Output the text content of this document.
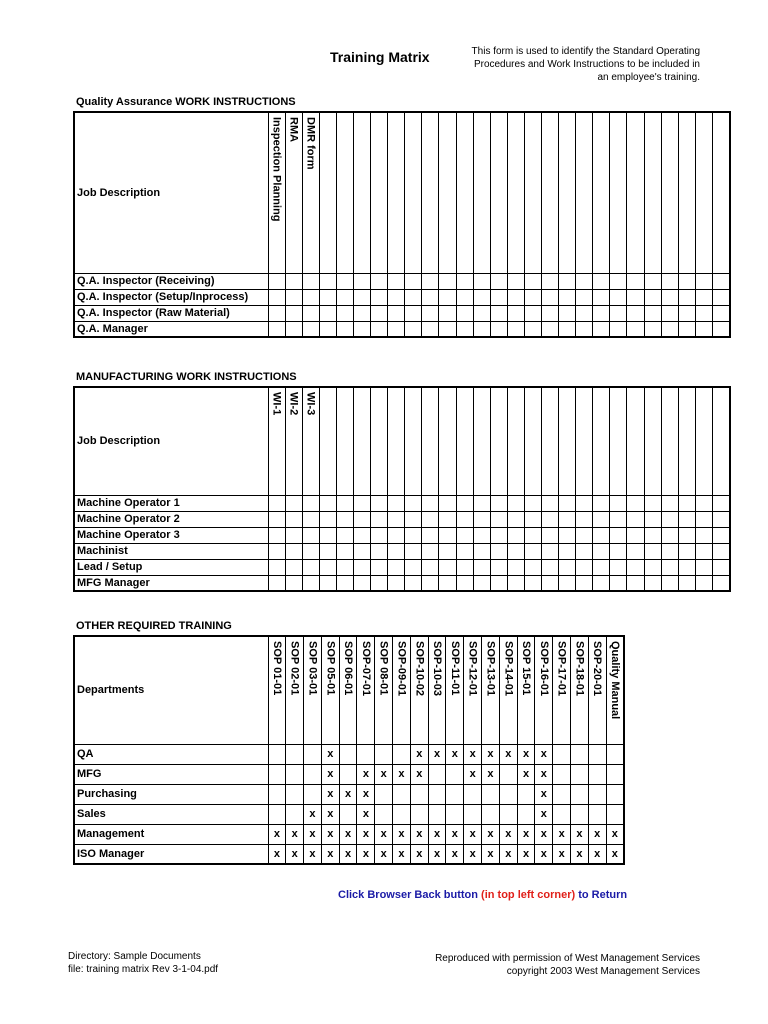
Training Matrix	This form is used to identify the Standard Operating
Procedures and Work Instructions to be included in
an employee's training.
Quality Assurance WORK INSTRUCTIONS
Job Description	Inspection Planning	RMA	DMR form																								

Q.A. Inspector (Receiving)																											
Q.A. Inspector (Setup/Inprocess)																											
Q.A. Inspector (Raw Material)																											
Q.A. Manager																											
MANUFACTURING WORK INSTRUCTIONS
Job Description	WI-1	WI-2	WI-3																								

Machine Operator 1																											
Machine Operator 2																											
Machine Operator 3																											
Machinist																											
Lead / Setup																											
MFG Manager																											
OTHER REQUIRED TRAINING
Departments	SOP 01-01	SOP 02-01	SOP 03-01	SOP 05-01	SOP 06-01	SOP-07-01	SOP 08-01	SOP-09-01	SOP-10-02	SOP-10-03	SOP-11-01	SOP-12-01	SOP-13-01	SOP-14-01	SOP 15-01	SOP-16-01	SOP-17-01	SOP-18-01	SOP-20-01	Quality Manual

QA				x					x	x	x	x	x	x	x	x				
MFG				x		x	x	x	x			x	x		x	x				
Purchasing				x	x	x										x				
Sales			x	x		x										x				
Management	x	x	x	x	x	x	x	x	x	x	x	x	x	x	x	x	x	x	x	x
ISO Manager	x	x	x	x	x	x	x	x	x	x	x	x	x	x	x	x	x	x	x	x
Click Browser Back button (in top left corner) to Return
Directory: Sample Documents
file: training matrix Rev 3-1-04.pdf
Reproduced with permission of West Management Services
copyright 2003 West Management Services
